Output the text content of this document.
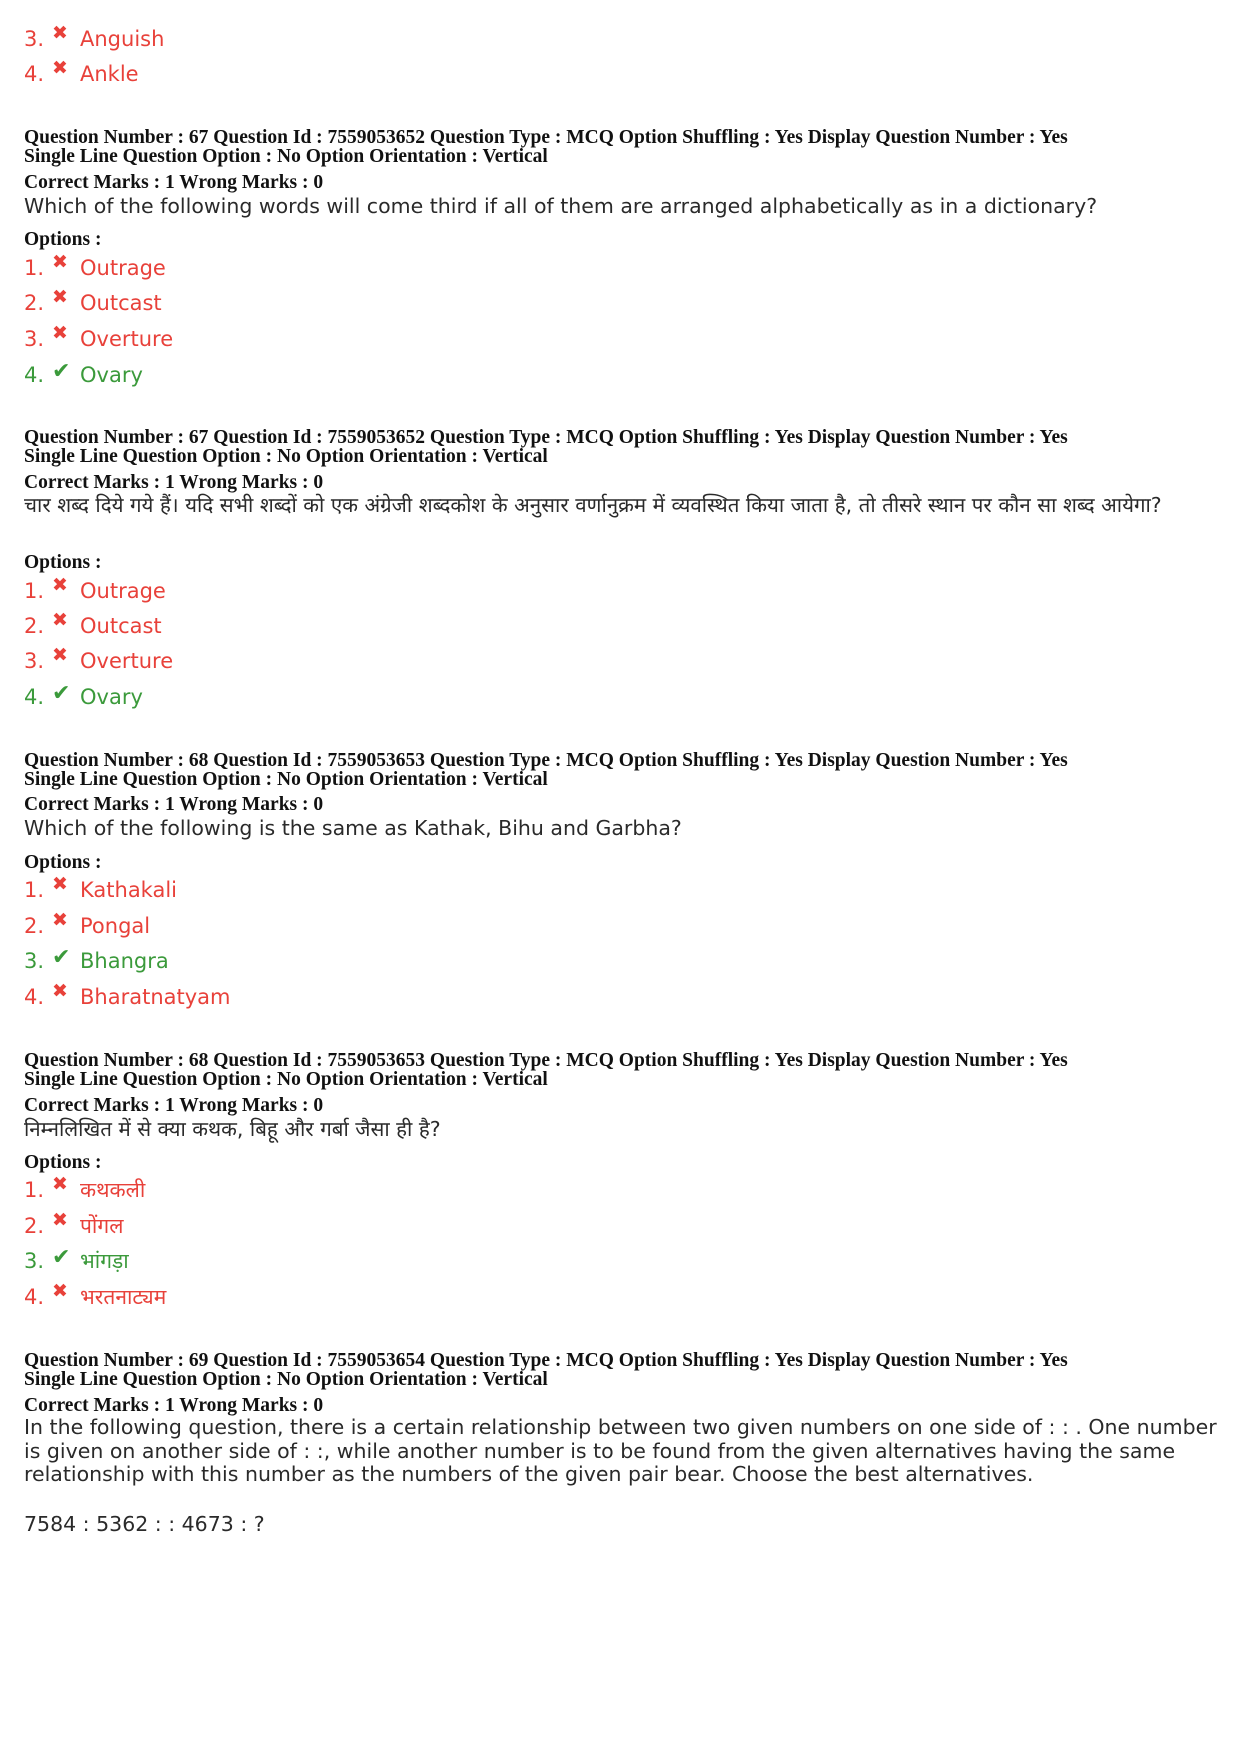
3. ✖ Anguish
4. ✖ Ankle
Question Number : 67 Question Id : 7559053652 Question Type : MCQ Option Shuffling : Yes Display Question Number : Yes
Single Line Question Option : No Option Orientation : Vertical
Correct Marks : 1 Wrong Marks : 0
Which of the following words will come third if all of them are arranged alphabetically as in a dictionary?
Options :
1. ✖ Outrage
2. ✖ Outcast
3. ✖ Overture
4. ✔ Ovary
Question Number : 67 Question Id : 7559053652 Question Type : MCQ Option Shuffling : Yes Display Question Number : Yes
Single Line Question Option : No Option Orientation : Vertical
Correct Marks : 1 Wrong Marks : 0
चार शब्द दिये गये हैं। यदि सभी शब्दों को एक अंग्रेजी शब्दकोश के अनुसार वर्णानुक्रम में व्यवस्थित किया जाता है, तो तीसरे स्थान पर कौन सा शब्द आयेगा?
Options :
1. ✖ Outrage
2. ✖ Outcast
3. ✖ Overture
4. ✔ Ovary
Question Number : 68 Question Id : 7559053653 Question Type : MCQ Option Shuffling : Yes Display Question Number : Yes
Single Line Question Option : No Option Orientation : Vertical
Correct Marks : 1 Wrong Marks : 0
Which of the following is the same as Kathak, Bihu and Garbha?
Options :
1. ✖ Kathakali
2. ✖ Pongal
3. ✔ Bhangra
4. ✖ Bharatnatyam
Question Number : 68 Question Id : 7559053653 Question Type : MCQ Option Shuffling : Yes Display Question Number : Yes
Single Line Question Option : No Option Orientation : Vertical
Correct Marks : 1 Wrong Marks : 0
निम्नलिखित में से क्या कथक, बिहू और गर्बा जैसा ही है?
Options :
1. ✖ कथकली
2. ✖ पोंगल
3. ✔ भांगड़ा
4. ✖ भरतनाट्यम
Question Number : 69 Question Id : 7559053654 Question Type : MCQ Option Shuffling : Yes Display Question Number : Yes
Single Line Question Option : No Option Orientation : Vertical
Correct Marks : 1 Wrong Marks : 0
In the following question, there is a certain relationship between two given numbers on one side of : : . One number is given on another side of : :, while another number is to be found from the given alternatives having the same relationship with this number as the numbers of the given pair bear. Choose the best alternatives.
7584 : 5362 : : 4673 : ?
